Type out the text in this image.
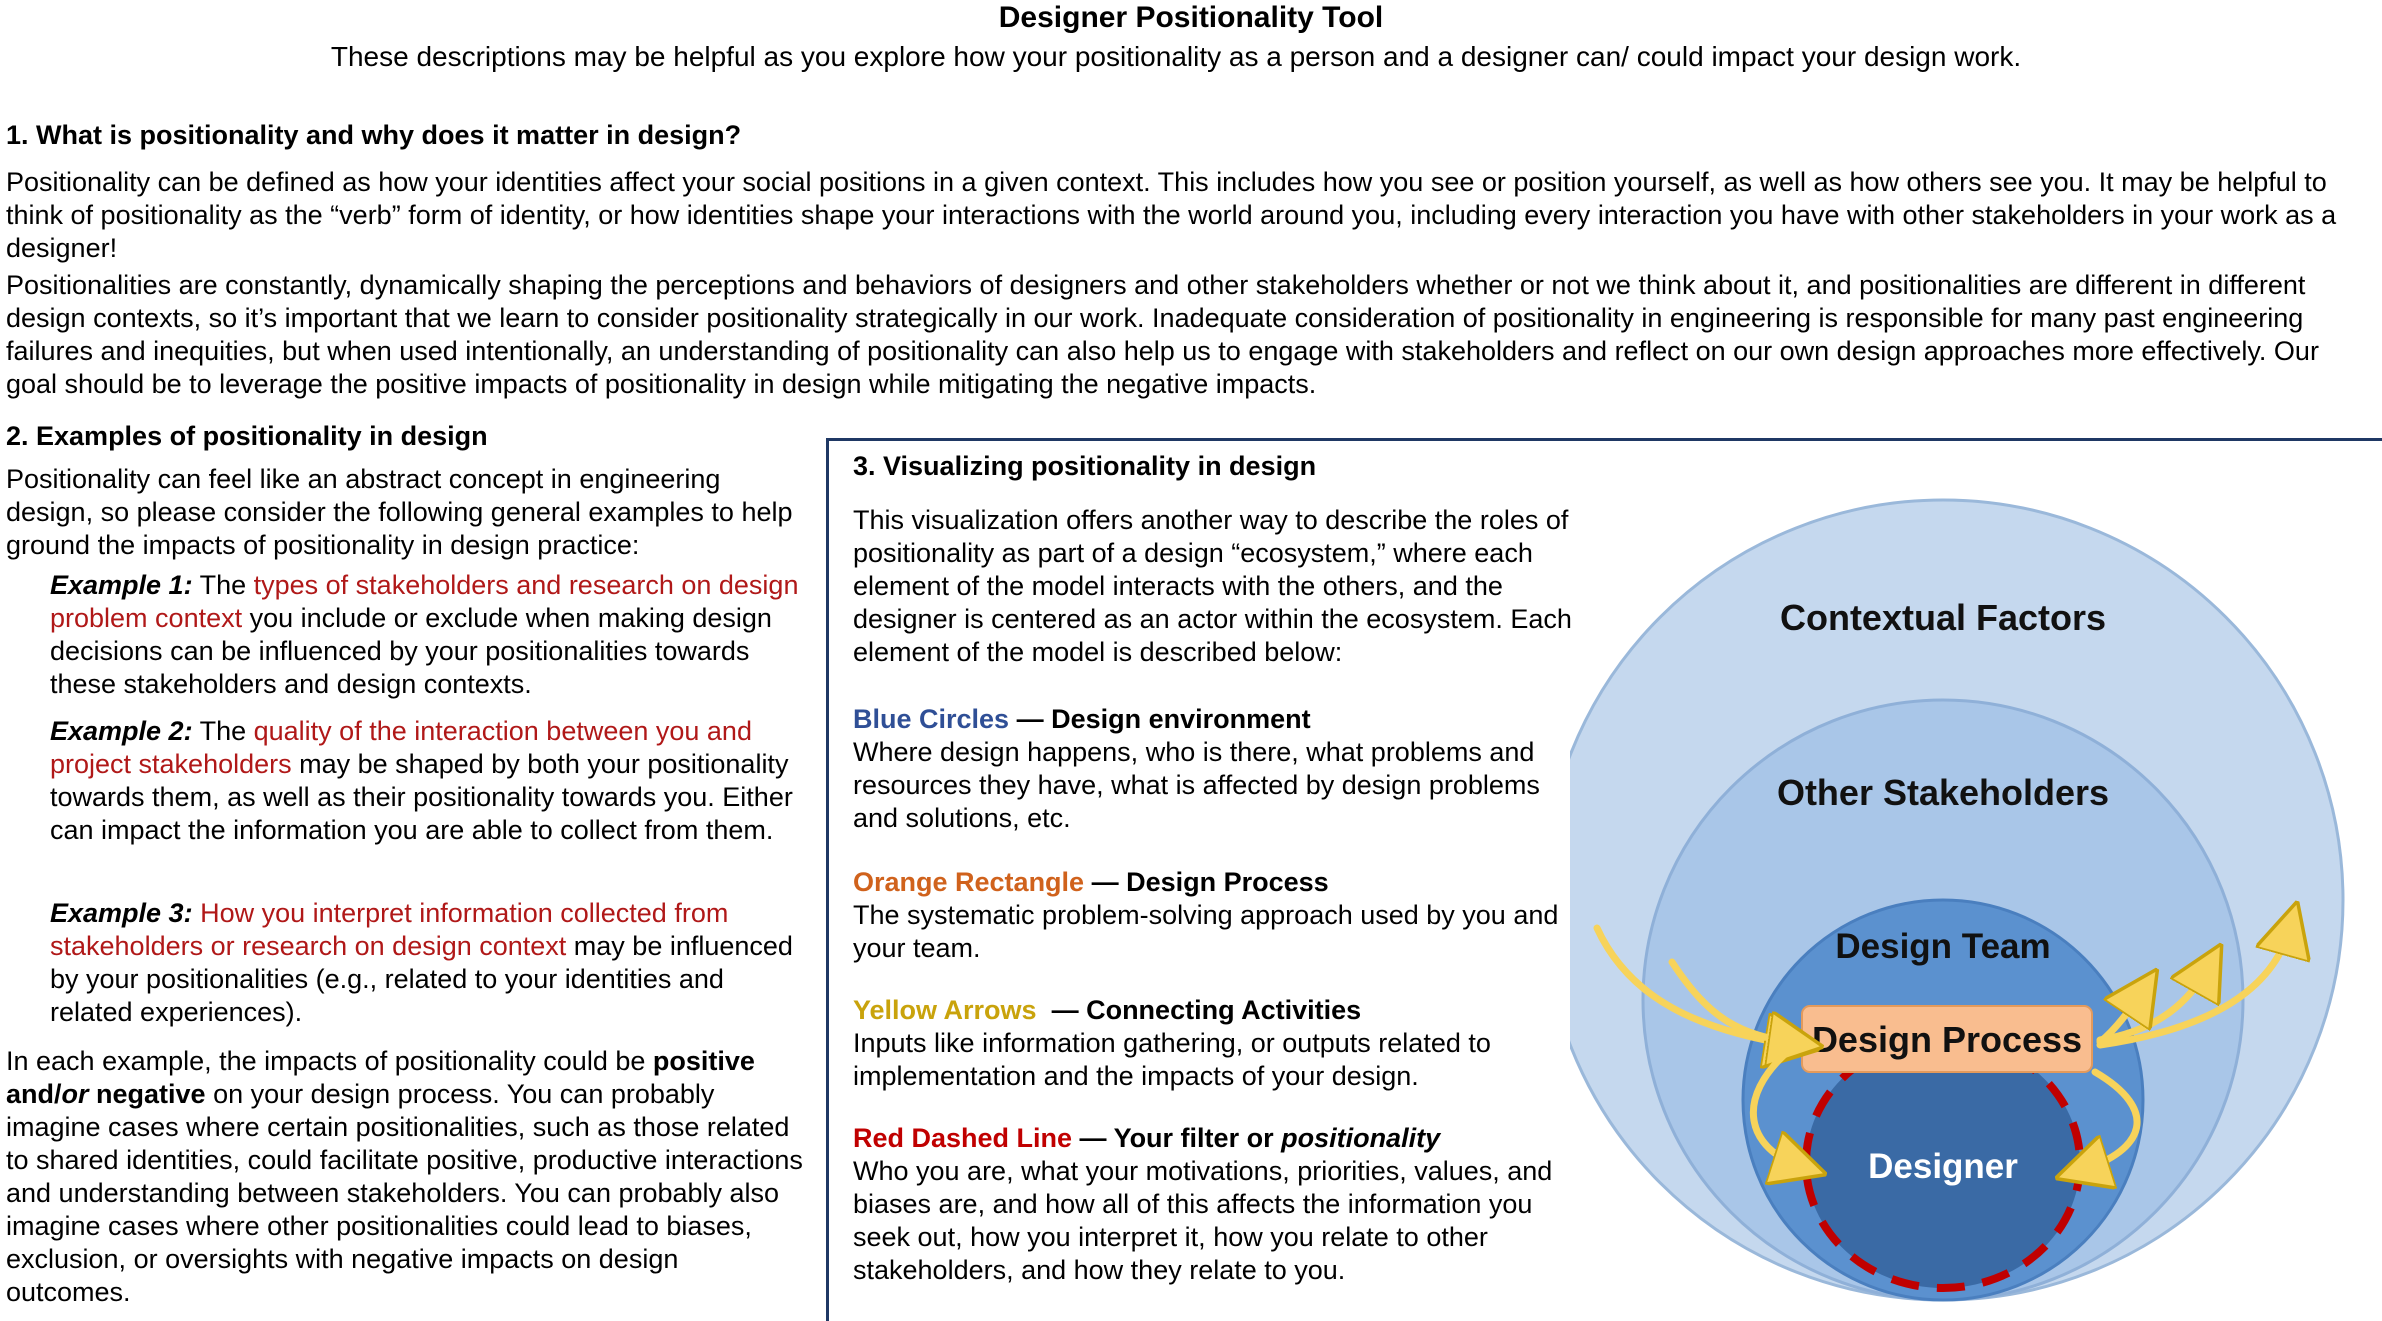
Designer Positionality Tool
These descriptions may be helpful as you explore how your positionality as a person and a designer can/ could impact your design work.
1. What is positionality and why does it matter in design?

Positionality can be defined as how your identities affect your social positions in a given context. This includes how you see or position yourself, as well as how others see you. It may be helpful to think of positionality as the “verb” form of identity, or how identities shape your interactions with the world around you, including every interaction you have with other stakeholders in your work as a designer!

Positionalities are constantly, dynamically shaping the perceptions and behaviors of designers and other stakeholders whether or not we think about it, and positionalities are different in different design contexts, so it’s important that we learn to consider positionality strategically in our work. Inadequate consideration of positionality in engineering is responsible for many past engineering failures and inequities, but when used intentionally, an understanding of positionality can also help us to engage with stakeholders and reflect on our own design approaches more effectively. Our goal should be to leverage the positive impacts of positionality in design while mitigating the negative impacts.

2. Examples of positionality in design

Positionality can feel like an abstract concept in engineering design, so please consider the following general examples to help ground the impacts of positionality in design practice:

Example 1: The types of stakeholders and research on design problem context you include or exclude when making design decisions can be influenced by your positionalities towards these stakeholders and design contexts.

Example 2: The quality of the interaction between you and project stakeholders may be shaped by both your positionality towards them, as well as their positionality towards you. Either can impact the information you are able to collect from them.

Example 3: How you interpret information collected from stakeholders or research on design context may be influenced by your positionalities (e.g., related to your identities and related experiences).

In each example, the impacts of positionality could be positive and/or negative on your design process. You can probably imagine cases where certain positionalities, such as those related to shared identities, could facilitate positive, productive interactions and understanding between stakeholders. You can probably also imagine cases where other positionalities could lead to biases, exclusion, or oversights with negative impacts on design outcomes.

3. Visualizing positionality in design

This visualization offers another way to describe the roles of positionality as part of a design “ecosystem,” where each element of the model interacts with the others, and the designer is centered as an actor within the ecosystem. Each element of the model is described below:

Blue Circles — Design environment
Where design happens, who is there, what problems and resources they have, what is affected by design problems and solutions, etc.

Orange Rectangle — Design Process
The systematic problem-solving approach used by you and your team.

Yellow Arrows  — Connecting Activities
Inputs like information gathering, or outputs related to implementation and the impacts of your design.

Red Dashed Line — Your filter or positionality
Who you are, what your motivations, priorities, values, and biases are, and how all of this affects the information you seek out, how you interpret it, how you relate to other stakeholders, and how they relate to you.

Contextual Factors
Other Stakeholders
Design Team
Design Process
Designer
